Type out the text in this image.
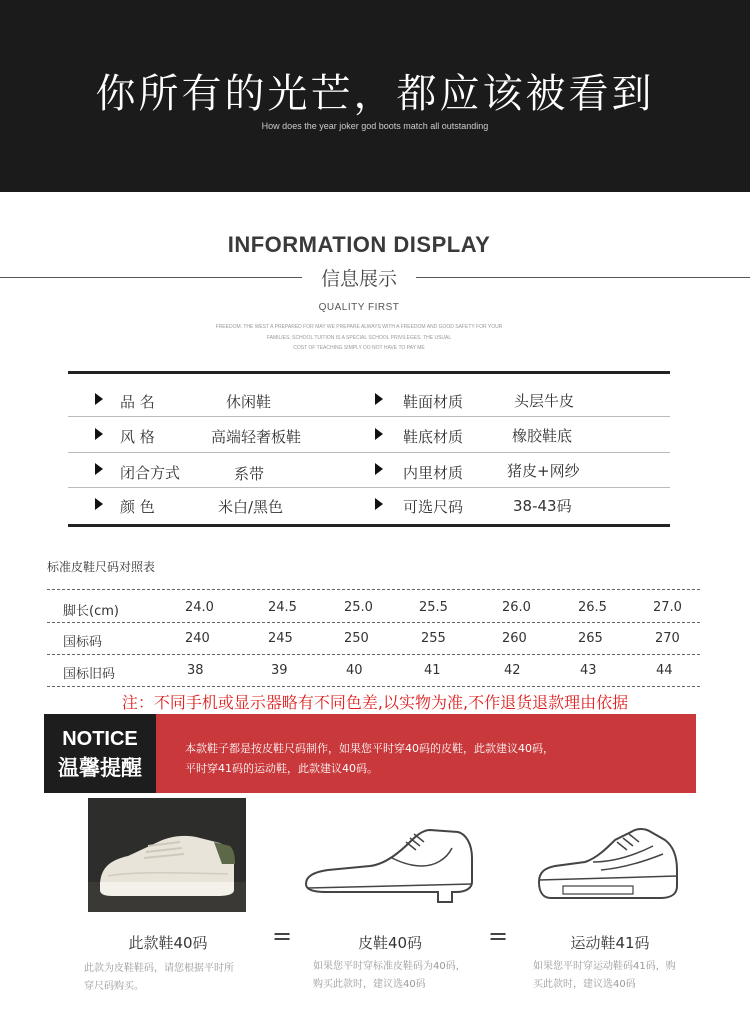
你所有的光芒，都应该被看到
How does the year joker god boots match all outstanding
INFORMATION DISPLAY
信息展示
QUALITY FIRST
FREEDOM. THE WEST A PREPARED FOR MAY WE PREPARE ALWAYS WITH A FREEDOM AND GOOD SAFETY FOR YOUR
FAMILIES, SCHOOL TUITION IS A SPECIAL SCHOOL PRIVILEGES. THE USUAL
COST OF TEACHING SIMPLY DO NOT HAVE TO PAY ME
品 名	休闲鞋	鞋面材质	头层牛皮
风 格	高端轻奢板鞋	鞋底材质	橡胶鞋底
闭合方式	系带	内里材质	猪皮+网纱
颜 色	米白/黑色	可选尺码	38-43码
标准皮鞋尺码对照表
脚长(cm)	24.0	24.5	25.0	25.5	26.0	26.5	27.0
国标码	240	245	250	255	260	265	270
国标旧码	38	39	40	41	42	43	44
注：不同手机或显示器略有不同色差,以实物为准,不作退货退款理由依据
NOTICE
温馨提醒
本款鞋子都是按皮鞋尺码制作，如果您平时穿40码的皮鞋，此款建议40码，
平时穿41码的运动鞋，此款建议40码。
此款鞋40码
此款为皮鞋鞋码，请您根据平时所
穿尺码购买。
=	皮鞋40码
如果您平时穿标准皮鞋码为40码，
购买此款时，建议选40码
=	运动鞋41码
如果您平时穿运动鞋码41码，购
买此款时，建议选40码
